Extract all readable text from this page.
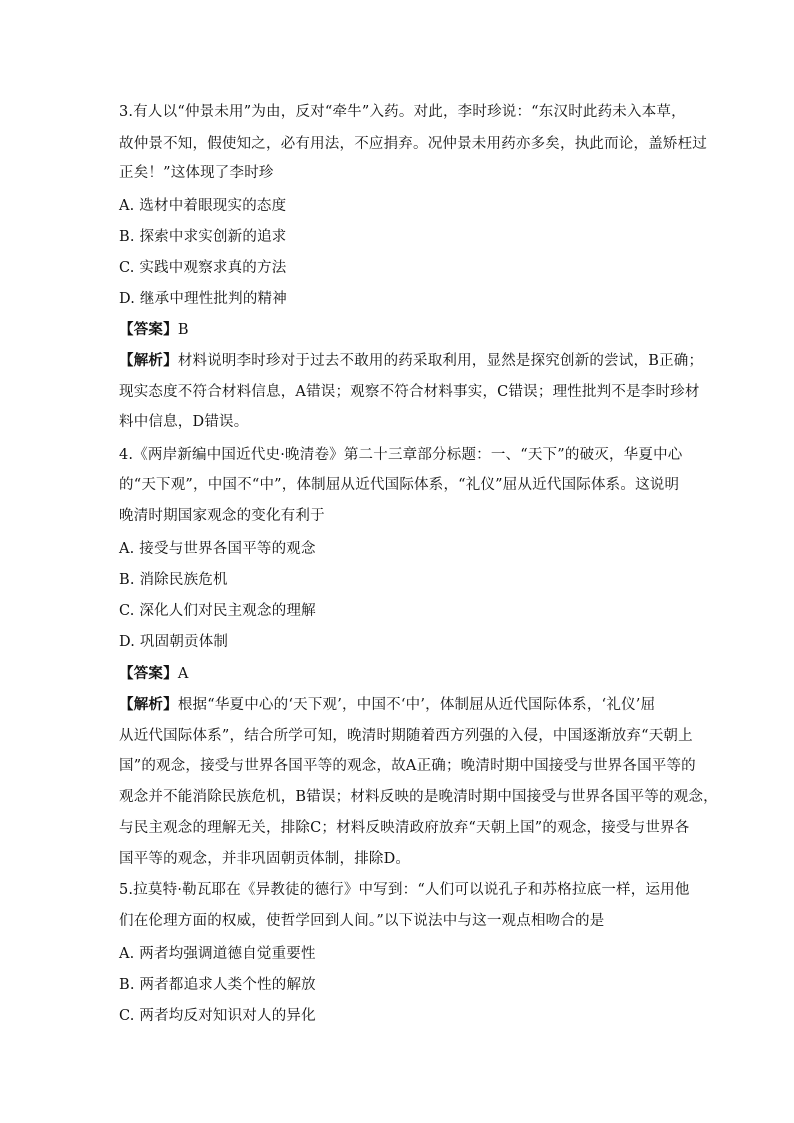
3.有人以“仲景未用”为由，反对“牵牛”入药。对此，李时珍说：“东汉时此药未入本草，
故仲景不知，假使知之，必有用法，不应捐弃。况仲景未用药亦多矣，执此而论，盖矫枉过
正矣！”这体现了李时珍
A. 选材中着眼现实的态度
B. 探索中求实创新的追求
C. 实践中观察求真的方法
D. 继承中理性批判的精神
【答案】B
【解析】材料说明李时珍对于过去不敢用的药采取利用，显然是探究创新的尝试，B正确；
现实态度不符合材料信息，A错误；观察不符合材料事实，C错误；理性批判不是李时珍材
料中信息，D错误。
4.《两岸新编中国近代史·晚清卷》第二十三章部分标题：一、“天下”的破灭，华夏中心
的“天下观”，中国不“中”，体制屈从近代国际体系，“礼仪”屈从近代国际体系。这说明
晚清时期国家观念的变化有利于
A. 接受与世界各国平等的观念
B. 消除民族危机
C. 深化人们对民主观念的理解
D. 巩固朝贡体制
【答案】A
【解析】根据“华夏中心的‘天下观’，中国不‘中’，体制屈从近代国际体系，‘礼仪’屈
从近代国际体系”，结合所学可知，晚清时期随着西方列强的入侵，中国逐渐放弃“天朝上
国”的观念，接受与世界各国平等的观念，故A正确；晚清时期中国接受与世界各国平等的
观念并不能消除民族危机，B错误；材料反映的是晚清时期中国接受与世界各国平等的观念，
与民主观念的理解无关，排除C；材料反映清政府放弃“天朝上国”的观念，接受与世界各
国平等的观念，并非巩固朝贡体制，排除D。
5.拉莫特·勒瓦耶在《异教徒的德行》中写到：“人们可以说孔子和苏格拉底一样，运用他
们在伦理方面的权威，使哲学回到人间。”以下说法中与这一观点相吻合的是
A. 两者均强调道德自觉重要性
B. 两者都追求人类个性的解放
C. 两者均反对知识对人的异化
